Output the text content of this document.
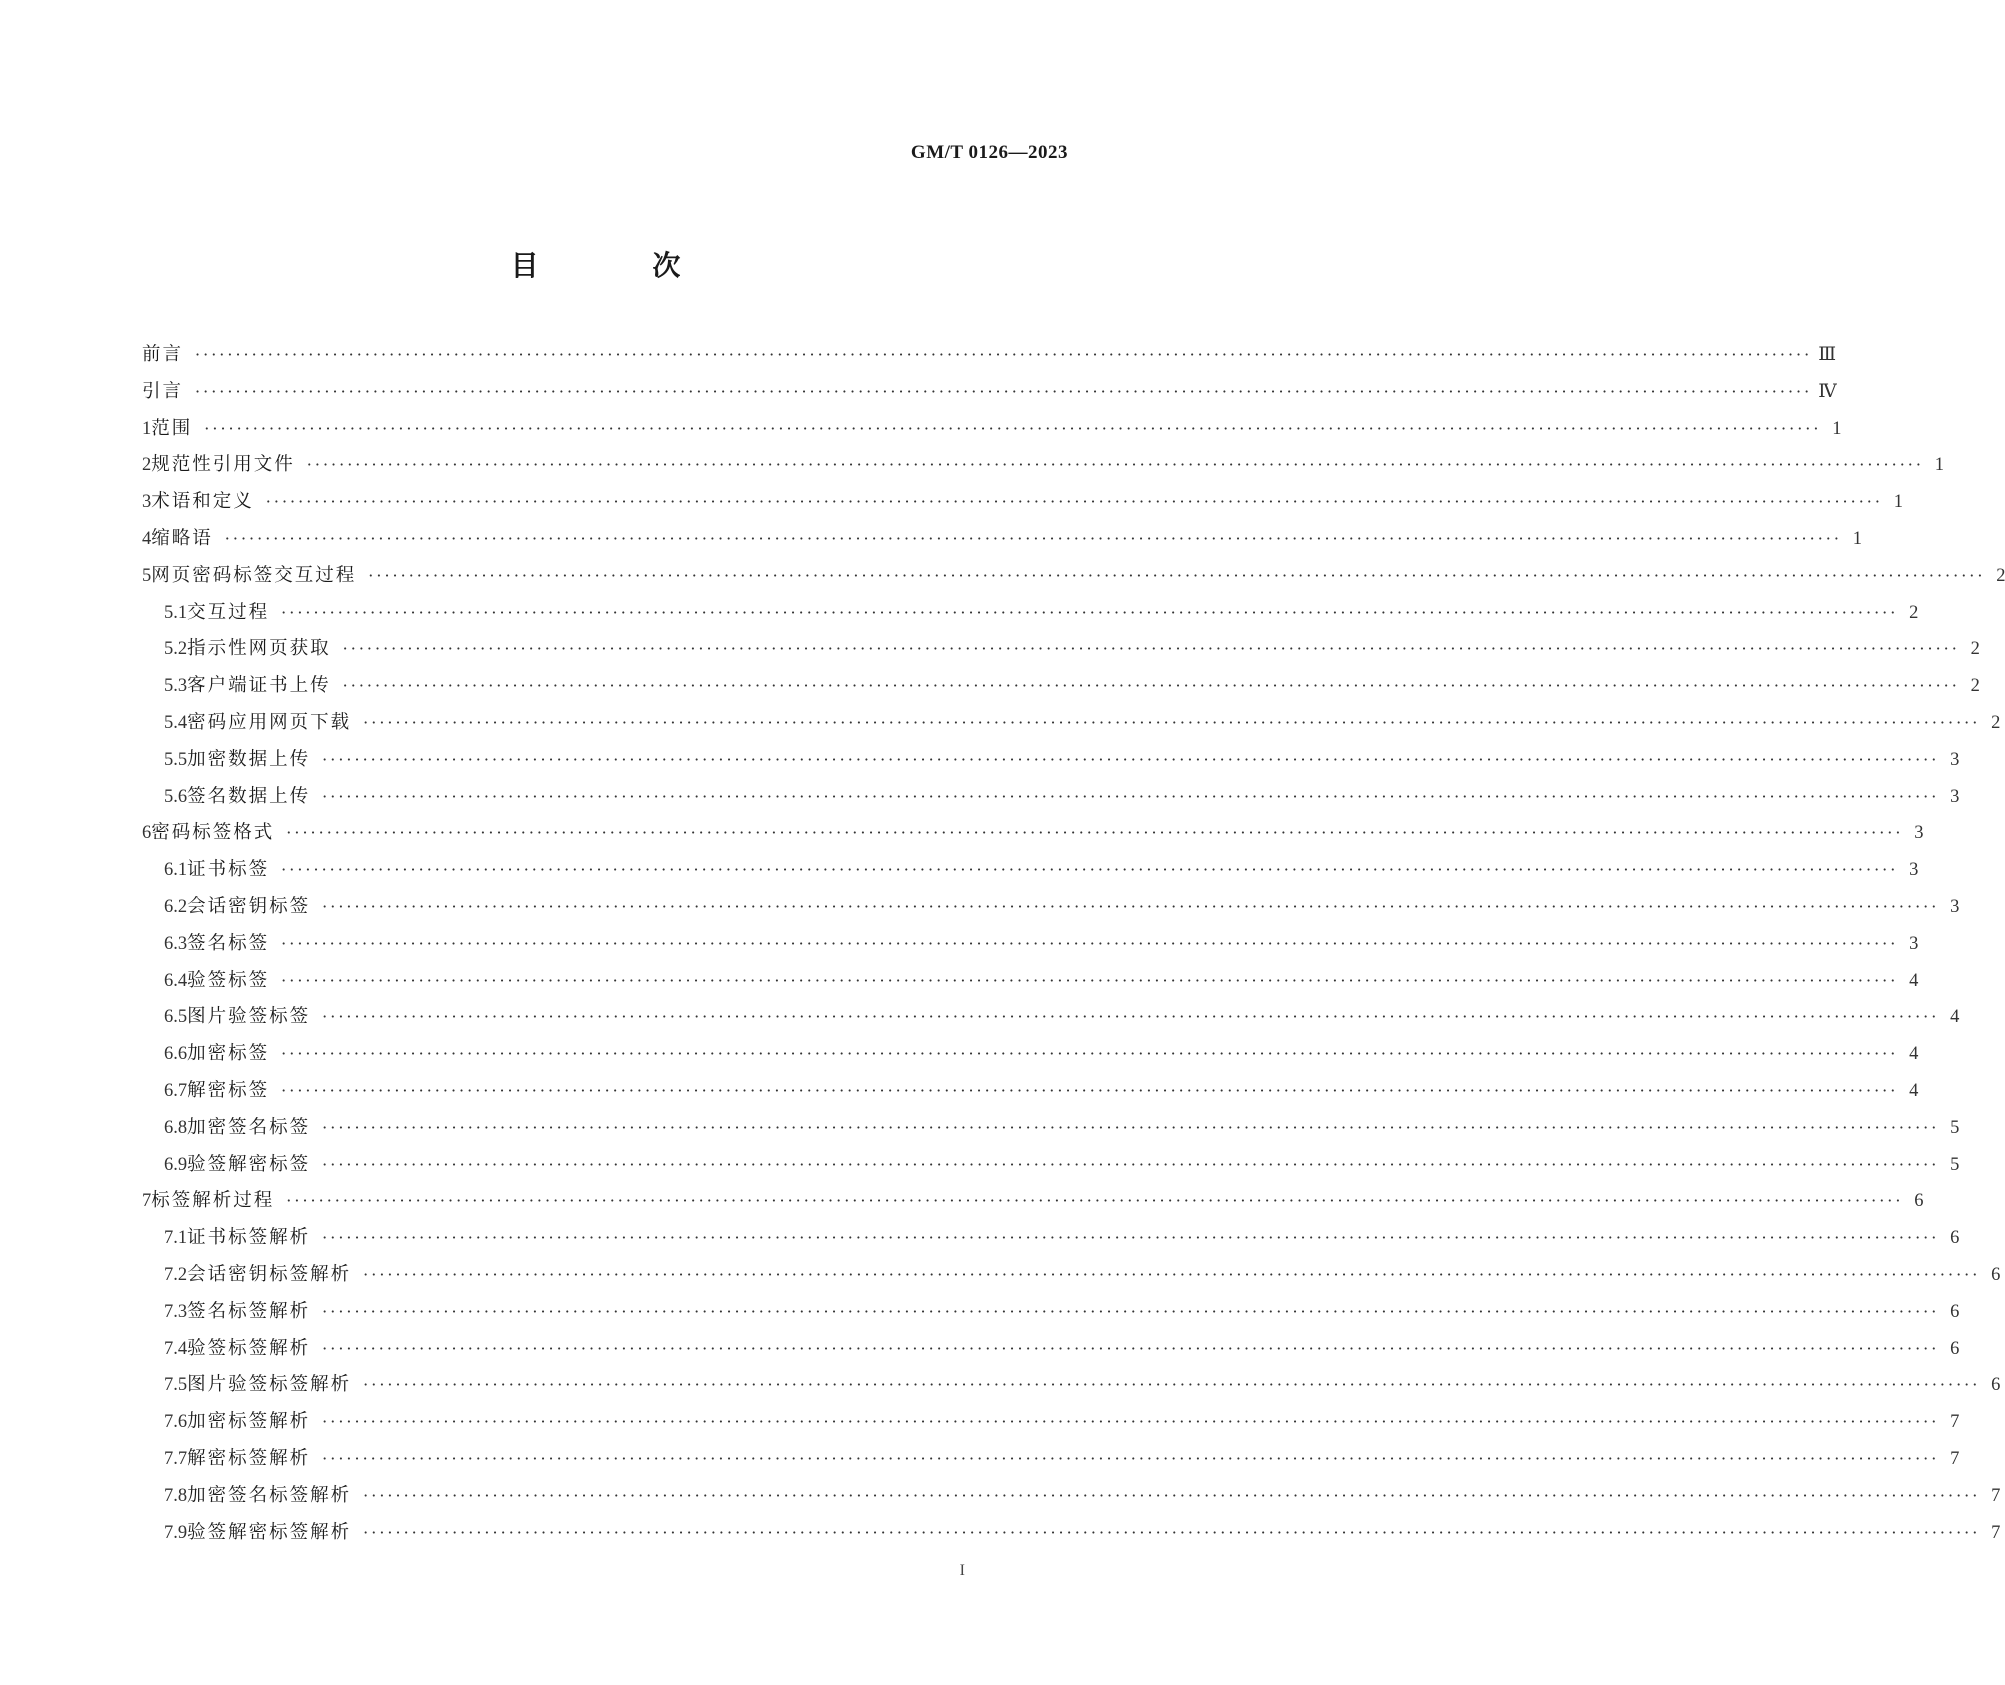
GM/T 0126—2023
目 次
前言 ········································································································································································································ Ⅲ
引言 ········································································································································································································ Ⅳ
1 范围 ········································································································································································································ 1
2 规范性引用文件 ········································································································································································································ 1
3 术语和定义 ········································································································································································································ 1
4 缩略语 ········································································································································································································ 1
5 网页密码标签交互过程 ········································································································································································································ 2
5.1 交互过程 ········································································································································································································ 2
5.2 指示性网页获取 ········································································································································································································ 2
5.3 客户端证书上传 ········································································································································································································ 2
5.4 密码应用网页下载 ········································································································································································································ 2
5.5 加密数据上传 ········································································································································································································ 3
5.6 签名数据上传 ········································································································································································································ 3
6 密码标签格式 ········································································································································································································ 3
6.1 证书标签 ········································································································································································································ 3
6.2 会话密钥标签 ········································································································································································································ 3
6.3 签名标签 ········································································································································································································ 3
6.4 验签标签 ········································································································································································································ 4
6.5 图片验签标签 ········································································································································································································ 4
6.6 加密标签 ········································································································································································································ 4
6.7 解密标签 ········································································································································································································ 4
6.8 加密签名标签 ········································································································································································································ 5
6.9 验签解密标签 ········································································································································································································ 5
7 标签解析过程 ········································································································································································································ 6
7.1 证书标签解析 ········································································································································································································ 6
7.2 会话密钥标签解析 ········································································································································································································ 6
7.3 签名标签解析 ········································································································································································································ 6
7.4 验签标签解析 ········································································································································································································ 6
7.5 图片验签标签解析 ········································································································································································································ 6
7.6 加密标签解析 ········································································································································································································ 7
7.7 解密标签解析 ········································································································································································································ 7
7.8 加密签名标签解析 ········································································································································································································ 7
7.9 验签解密标签解析 ········································································································································································································ 7
I
